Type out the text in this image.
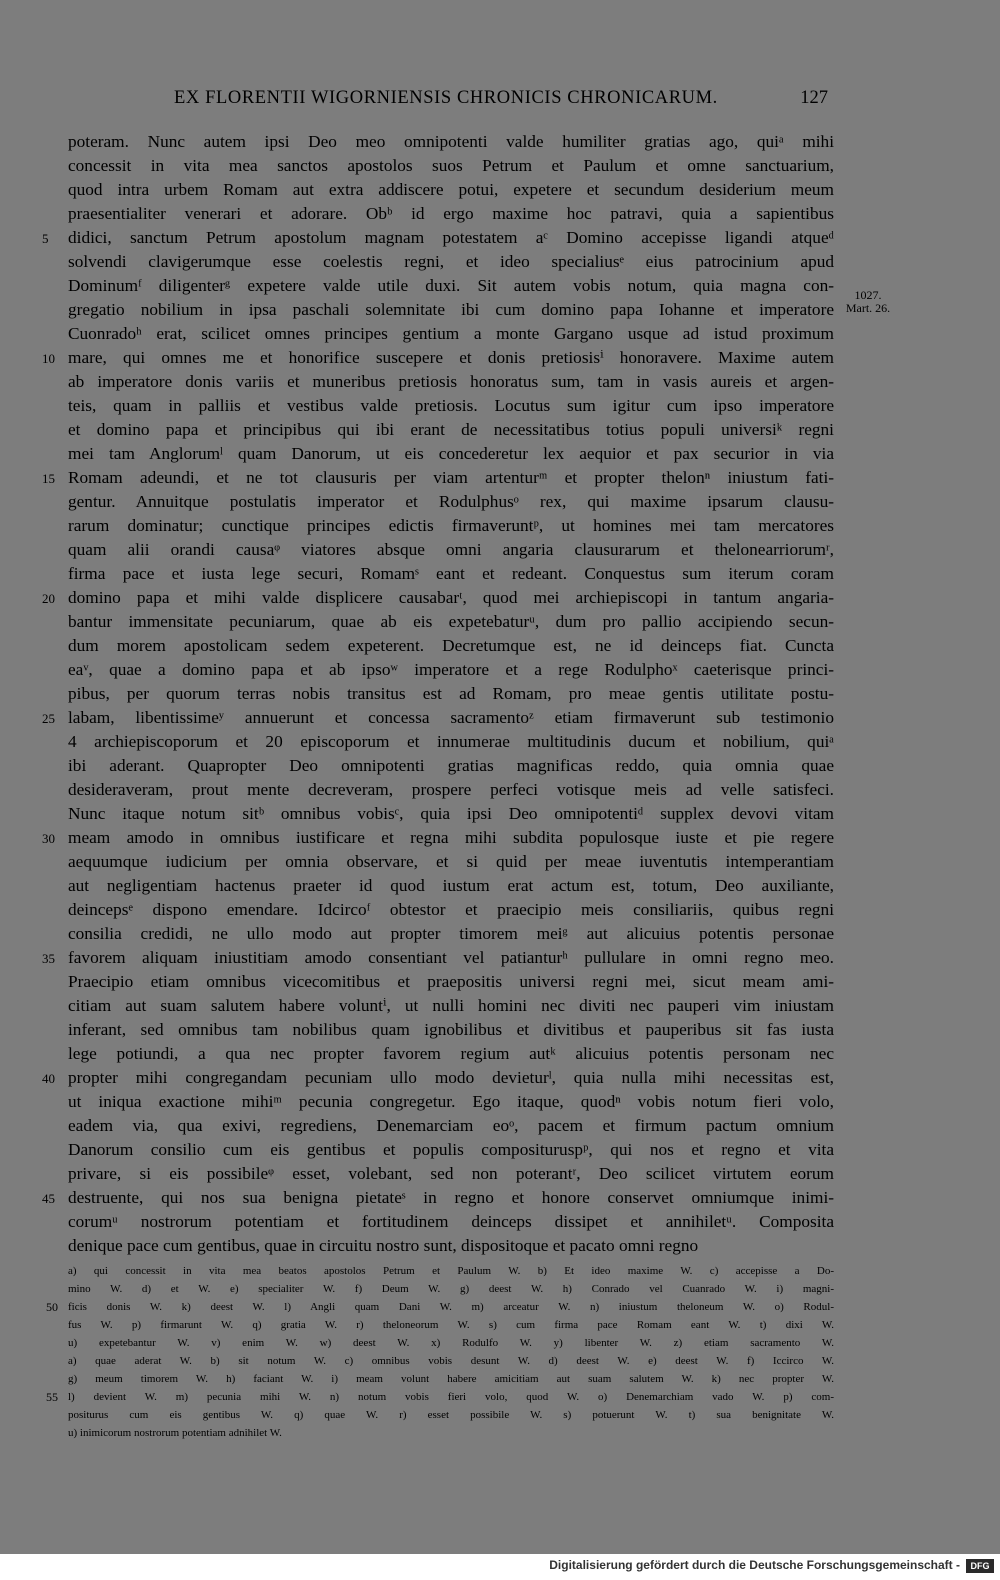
EX FLORENTII WIGORNIENSIS CHRONICIS CHRONICARUM.	127
1027.
Mart. 26.
poteram. Nunc autem ipsi Deo meo omnipotenti valde humiliter gratias ago, quiᵃ mihi
concessit in vita mea sanctos apostolos suos Petrum et Paulum et omne sanctuarium,
quod intra urbem Romam aut extra addiscere potui, expetere et secundum desiderium meum
praesentialiter venerari et adorare. Obᵇ id ergo maxime hoc patravi, quia a sapientibus
didici, sanctum Petrum apostolum magnam potestatem aᶜ Domino accepisse ligandi atqueᵈ
solvendi clavigerumque esse coelestis regni, et ideo specialiusᵉ eius patrocinium apud
Dominumᶠ diligenterᵍ expetere valde utile duxi. Sit autem vobis notum, quia magna con-
gregatio nobilium in ipsa paschali solemnitate ibi cum domino papa Iohanne et imperatore
Cuonradoʰ erat, scilicet omnes principes gentium a monte Gargano usque ad istud proximum
mare, qui omnes me et honorifice suscepere et donis pretiosisⁱ honoravere. Maxime autem
ab imperatore donis variis et muneribus pretiosis honoratus sum, tam in vasis aureis et argen-
teis, quam in palliis et vestibus valde pretiosis. Locutus sum igitur cum ipso imperatore
et domino papa et principibus qui ibi erant de necessitatibus totius populi universiᵏ regni
mei tam Anglorumˡ quam Danorum, ut eis concederetur lex aequior et pax securior in via
Romam adeundi, et ne tot clausuris per viam artenturᵐ et propter thelonⁿ iniustum fati-
gentur. Annuitque postulatis imperator et Rodulphusᵒ rex, qui maxime ipsarum clausu-
rarum dominatur; cunctique principes edictis firmaveruntᵖ, ut homines mei tam mercatores
quam alii orandi causaᵠ viatores absque omni angaria clausurarum et thelonearriorumʳ,
firma pace et iusta lege securi, Romamˢ eant et redeant. Conquestus sum iterum coram
domino papa et mihi valde displicere causabarᵗ, quod mei archiepiscopi in tantum angaria-
bantur immensitate pecuniarum, quae ab eis expetebaturᵘ, dum pro pallio accipiendo secun-
dum morem apostolicam sedem expeterent. Decretumque est, ne id deinceps fiat. Cuncta
eaᵛ, quae a domino papa et ab ipsoʷ imperatore et a rege Rodulphoˣ caeterisque princi-
pibus, per quorum terras nobis transitus est ad Romam, pro meae gentis utilitate postu-
labam, libentissimeʸ annuerunt et concessa sacramentoᶻ etiam firmaverunt sub testimonio
4 archiepiscoporum et 20 episcoporum et innumerae multitudinis ducum et nobilium, quiᵃ
ibi aderant. Quapropter Deo omnipotenti gratias magnificas reddo, quia omnia quae
desideraveram, prout mente decreveram, prospere perfeci votisque meis ad velle satisfeci.
Nunc itaque notum sitᵇ omnibus vobisᶜ, quia ipsi Deo omnipotentiᵈ supplex devovi vitam
meam amodo in omnibus iustificare et regna mihi subdita populosque iuste et pie regere
aequumque iudicium per omnia observare, et si quid per meae iuventutis intemperantiam
aut negligentiam hactenus praeter id quod iustum erat actum est, totum, Deo auxiliante,
deincepsᵉ dispono emendare. Idcircoᶠ obtestor et praecipio meis consiliariis, quibus regni
consilia credidi, ne ullo modo aut propter timorem meiᵍ aut alicuius potentis personae
favorem aliquam iniustitiam amodo consentiant vel patianturʰ pullulare in omni regno meo.
Praecipio etiam omnibus vicecomitibus et praepositis universi regni mei, sicut meam ami-
citiam aut suam salutem habere voluntⁱ, ut nulli homini nec diviti nec pauperi vim iniustam
inferant, sed omnibus tam nobilibus quam ignobilibus et divitibus et pauperibus sit fas iusta
lege potiundi, a qua nec propter favorem regium autᵏ alicuius potentis personam nec
propter mihi congregandam pecuniam ullo modo devieturˡ, quia nulla mihi necessitas est,
ut iniqua exactione mihiᵐ pecunia congregetur. Ego itaque, quodⁿ vobis notum fieri volo,
eadem via, qua exivi, regrediens, Denemarciam eoᵒ, pacem et firmum pactum omnium
Danorum consilio cum eis gentibus et populis composituruspᵖ, qui nos et regno et vita
privare, si eis possibileᵠ esset, volebant, sed non poterantʳ, Deo scilicet virtutem eorum
destruente, qui nos sua benigna pietateˢ in regno et honore conservet omniumque inimi-
corumᵘ nostrorum potentiam et fortitudinem deinceps dissipet et annihiletᵘ. Composita
denique pace cum gentibus, quae in circuitu nostro sunt, dispositoque et pacato omni regno
5
10
15
20
25
30
35
40
45
a) qui concessit in vita mea beatos apostolos Petrum et Paulum W. b) Et ideo maxime W. c) accepisse a Do-
mino W. d) et W. e) specialiter W. f) Deum W. g) deest W. h) Conrado vel Cuanrado W. i) magni-
ficis donis W. k) deest W. l) Angli quam Dani W. m) arceatur W. n) iniustum theloneum W. o) Rodul-
fus W. p) firmarunt W. q) gratia W. r) theloneorum W. s) cum firma pace Romam eant W. t) dixi W.
u) expetebantur W. v) enim W. w) deest W. x) Rodulfo W. y) libenter W. z) etiam sacramento W.
a) quae aderat W. b) sit notum W. c) omnibus vobis desunt W. d) deest W. e) deest W. f) Iccirco W.
g) meum timorem W. h) faciant W. i) meam volunt habere amicitiam aut suam salutem W. k) nec propter W.
l) devient W. m) pecunia mihi W. n) notum vobis fieri volo, quod W. o) Denemarchiam vado W. p) com-
positurus cum eis gentibus W. q) quae W. r) esset possibile W. s) potuerunt W. t) sua benignitate W.
u) inimicorum nostrorum potentiam adnihilet W.
50
55
Digitalisierung gefördert durch die Deutsche Forschungsgemeinschaft -	DFG
